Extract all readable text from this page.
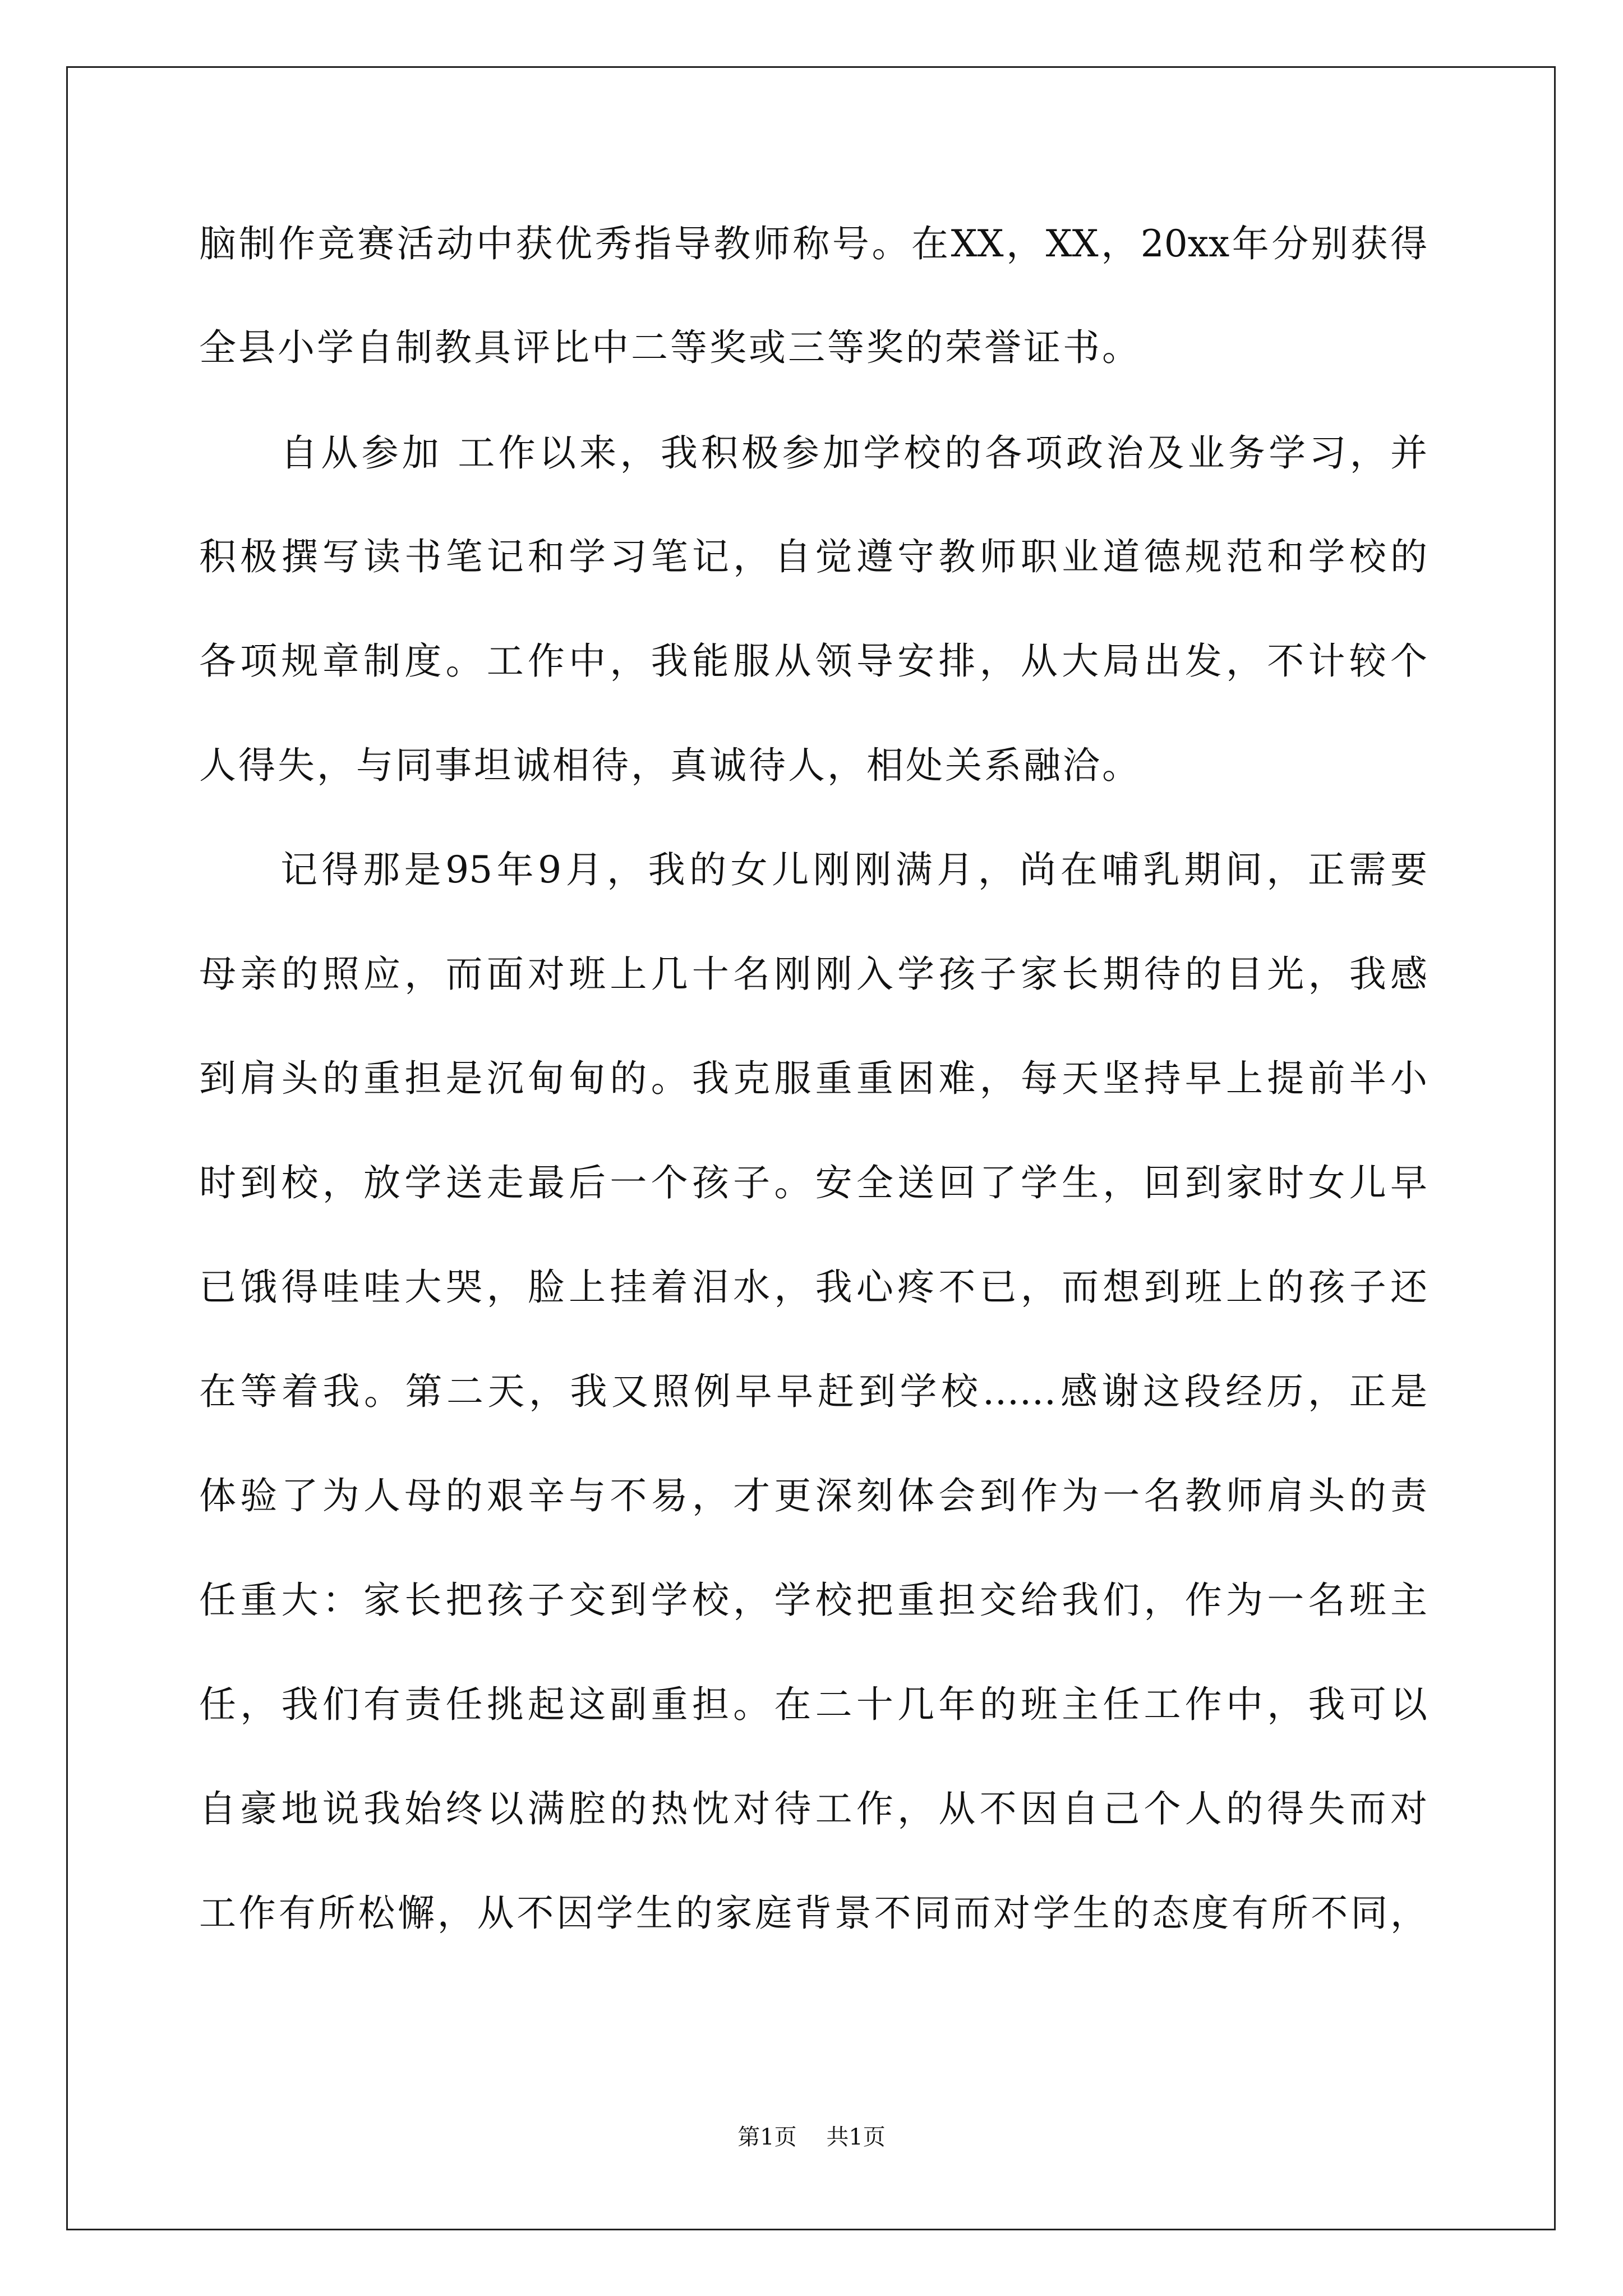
脑制作竞赛活动中获优秀指导教师称号。在XX，XX，20xx年分别获得
全县小学自制教具评比中二等奖或三等奖的荣誉证书。
自从参加 工作以来，我积极参加学校的各项政治及业务学习，并
积极撰写读书笔记和学习笔记，自觉遵守教师职业道德规范和学校的
各项规章制度。工作中，我能服从领导安排，从大局出发，不计较个
人得失，与同事坦诚相待，真诚待人，相处关系融洽。
记得那是95年9月，我的女儿刚刚满月，尚在哺乳期间，正需要
母亲的照应，而面对班上几十名刚刚入学孩子家长期待的目光，我感
到肩头的重担是沉甸甸的。我克服重重困难，每天坚持早上提前半小
时到校，放学送走最后一个孩子。安全送回了学生，回到家时女儿早
已饿得哇哇大哭，脸上挂着泪水，我心疼不已，而想到班上的孩子还
在等着我。第二天，我又照例早早赶到学校……感谢这段经历，正是
体验了为人母的艰辛与不易，才更深刻体会到作为一名教师肩头的责
任重大：家长把孩子交到学校，学校把重担交给我们，作为一名班主
任，我们有责任挑起这副重担。在二十几年的班主任工作中，我可以
自豪地说我始终以满腔的热忱对待工作，从不因自己个人的得失而对
工作有所松懈，从不因学生的家庭背景不同而对学生的态度有所不同，
第1页 共1页
